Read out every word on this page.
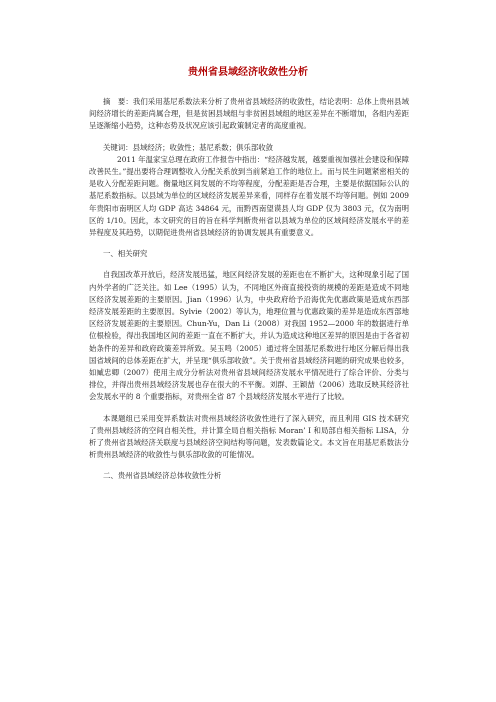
贵州省县域经济收敛性分析

摘　要：我们采用基尼系数法来分析了贵州省县域经济的收敛性，结论表明：总体上贵州县域间经济增长的差距尚属合理，但是贫困县域组与非贫困县域组的地区差异在不断增加，各组内差距呈逐渐缩小趋势，这种态势及状况应该引起政策制定者的高度重视。

关键词：县域经济；收敛性；基尼系数；俱乐部收敛

2011 年温家宝总理在政府工作报告中指出：“经济越发展，越要重视加强社会建设和保障改善民生。”提出要将合理调整收入分配关系放到当前紧迫工作的地位上。而与民生问题紧密相关的是收入分配差距问题。衡量地区间发展的不均等程度，分配差距是否合理，主要是依据国际公认的基尼系数指标。以县域为单位的区域经济发展差异来看，同样存在着发展不均等问题。例如 2009 年贵阳市南明区人均 GDP 高达 34864 元，而黔西南望谟县人均 GDP 仅为 3803 元，仅为南明区的 1/10。因此，本文研究的目的旨在科学判断贵州省以县域为单位的区域间经济发展水平的差异程度及其趋势，以期促进贵州省县域经济的协调发展具有重要意义。

一、相关研究

自我国改革开放后，经济发展迅猛，地区间经济发展的差距也在不断扩大，这种现象引起了国内外学者的广泛关注。如 Lee（1995）认为，不同地区外商直接投资的规模的差距是造成不同地区经济发展差距的主要原因。Jian（1996）认为，中央政府给予沿海优先优惠政策是造成东西部经济发展差距的主要原因。Sylvie（2002）等认为，地理位置与优惠政策的差异是造成东西部地区经济发展差距的主要原因。Chun-Yu，Dan Li（2008）对我国 1952—2000 年的数据进行单位根检验，得出我国地区间的差距一直在不断扩大，并认为造成这种地区差异的原因是由于各省初始条件的差异和政府政策差异所致。吴玉鸣（2005）通过将全国基尼系数进行地区分解后得出我国省域间的总体差距在扩大，并呈现“俱乐部收敛”。关于贵州省县域经济问题的研究成果也较多，如臧忠卿（2007）使用主成分分析法对贵州省县域间经济发展水平情况进行了综合评价、分类与排位，并得出贵州县域经济发展也存在很大的不平衡。刘群、王颖喆（2006）选取反映其经济社会发展水平的 8 个重要指标，对贵州全省 87 个县域经济发展水平进行了比较。

本课题组已采用变异系数法对贵州县域经济收敛性进行了深入研究，而且利用 GIS 技术研究了贵州县域经济的空间自相关性，并计算全局自相关指标 Moran’ I 和局部自相关指标 LISA，分析了贵州省县域经济关联度与县域经济空间结构等问题，发表数篇论文。本文旨在用基尼系数法分析贵州县域经济的收敛性与俱乐部收敛的可能情况。

二、贵州省县域经济总体收敛性分析
